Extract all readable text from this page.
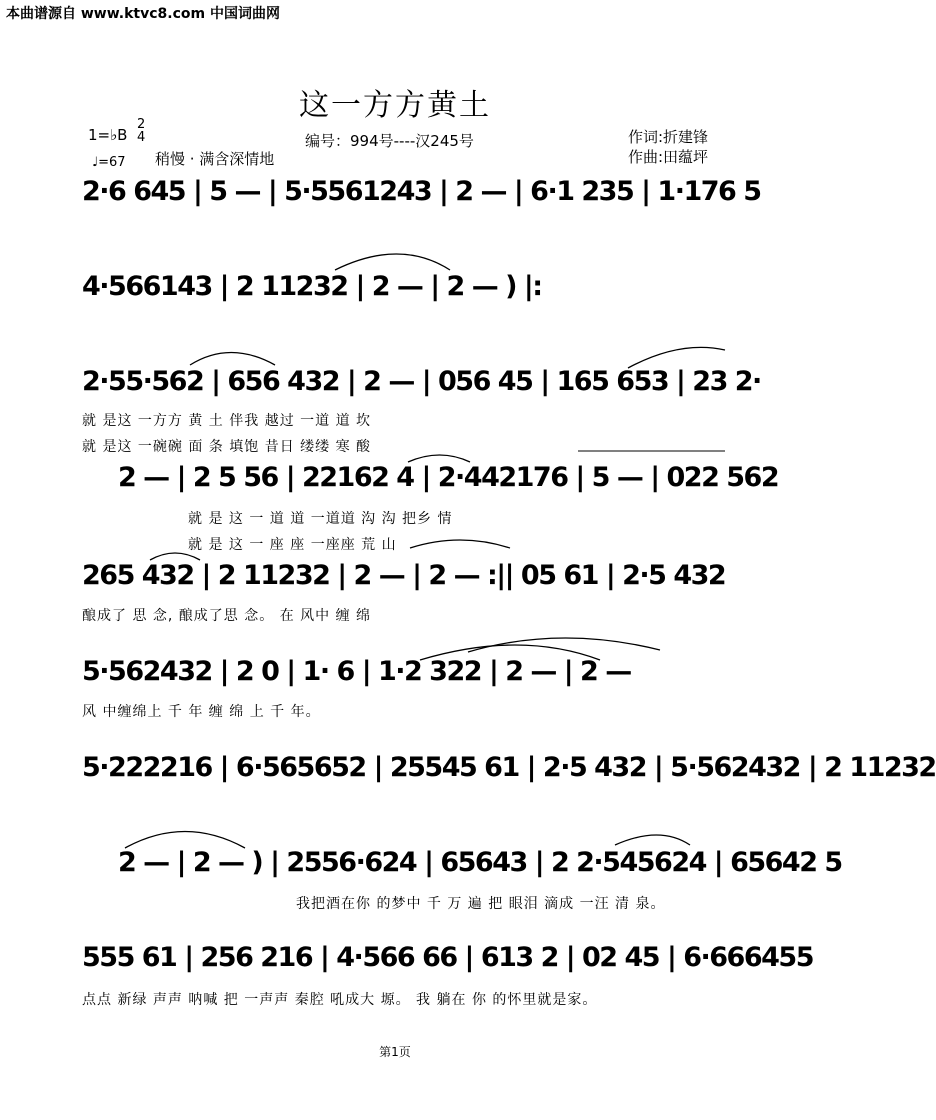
本曲谱源自 www.ktvc8.com 中国词曲网
这一方方黄土
1=♭B
2
4
♩=67 稍慢 · 满含深情地
编号：994号----汉245号	作词:折建锋
作曲:田蕴坪
2·6 645 | 5 — | 5·5561243 | 2 — | 6·1 235 | 1·176 5
4·566143 | 2 11232 | 2 — | 2 — ) |:
2·55·562 | 656 432 | 2 — | 056 45 | 165 653 | 23 2·
就 是这 一方方 黄 土 伴我 越过 一道 道 坎
就 是这 一碗碗 面 条 填饱 昔日 缕缕 寒 酸
2 — | 2 5 56 | 22162 4 | 2·442176 | 5 — | 022 562
就 是 这 一 道 道 一道道 沟 沟 把乡 情
就 是 这 一 座 座 一座座 荒 山
265 432 | 2 11232 | 2 — | 2 — :|| 05 61 | 2·5 432
酿成了 思 念, 酿成了思 念。 在 风中 缠 绵
5·562432 | 2 0 | 1· 6 | 1·2 322 | 2 — | 2 —
风 中缠绵上 千 年 缠 绵 上 千 年。
5·222216 | 6·565652 | 25545 61 | 2·5 432 | 5·562432 | 2 11232
2 — | 2 — ) | 2556·624 | 65643 | 2 2·545624 | 65642 5
我把酒在你 的梦中 千 万 遍 把 眼泪 滴成 一汪 清 泉。
555 61 | 256 216 | 4·566 66 | 613 2 | 02 45 | 6·666455
点点 新绿 声声 呐喊 把 一声声 秦腔 吼成大 塬。 我 躺在 你 的怀里就是家。
第1页
